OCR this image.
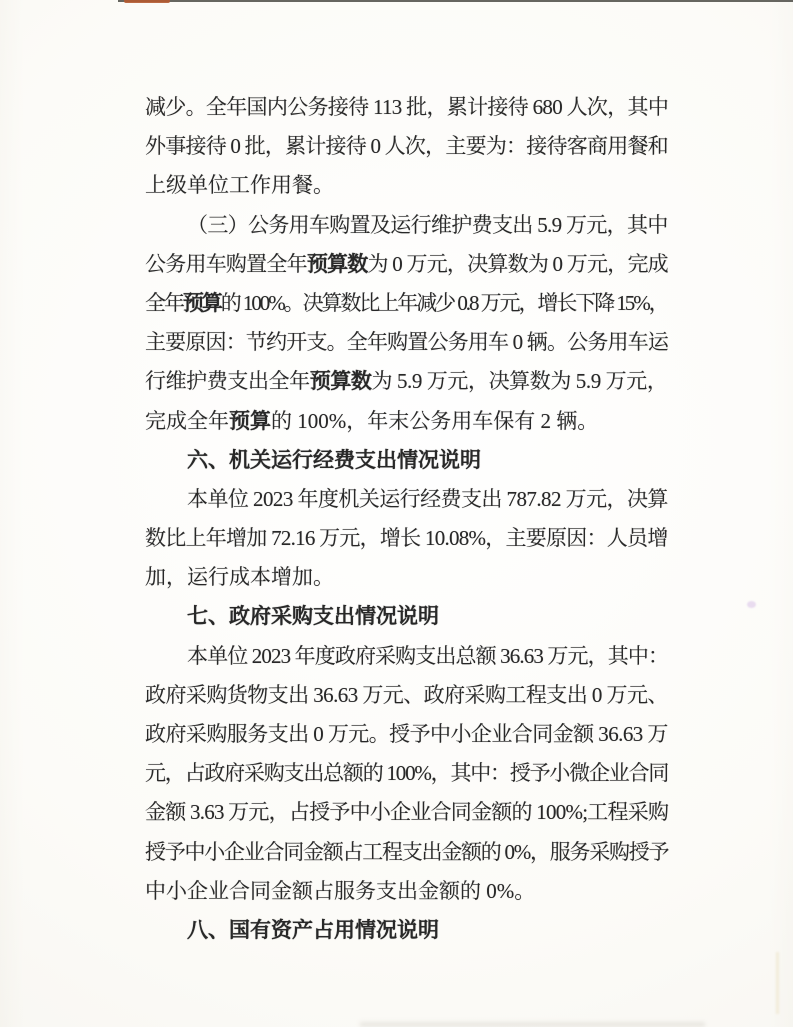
减少。全年国内公务接待 113 批，累计接待 680 人次，其中
外事接待 0 批，累计接待 0 人次，主要为：接待客商用餐和
上级单位工作用餐。
（三）公务用车购置及运行维护费支出 5.9 万元，其中
公务用车购置全年预算数为 0 万元，决算数为 0 万元，完成
全年预算的 100%。决算数比上年减少 0.8 万元，增长下降 15%，
主要原因：节约开支。全年购置公务用车 0 辆。公务用车运
行维护费支出全年预算数为 5.9 万元，决算数为 5.9 万元，
完成全年预算的 100%，年末公务用车保有 2 辆。
六、机关运行经费支出情况说明
本单位 2023 年度机关运行经费支出 787.82 万元，决算
数比上年增加 72.16 万元，增长 10.08%，主要原因：人员增
加，运行成本增加。
七、政府采购支出情况说明
本单位 2023 年度政府采购支出总额 36.63 万元，其中：
政府采购货物支出 36.63 万元、政府采购工程支出 0 万元、
政府采购服务支出 0 万元。授予中小企业合同金额 36.63 万
元，占政府采购支出总额的 100%，其中：授予小微企业合同
金额 3.63 万元，占授予中小企业合同金额的 100%;工程采购
授予中小企业合同金额占工程支出金额的 0%，服务采购授予
中小企业合同金额占服务支出金额的 0%。
八、国有资产占用情况说明
